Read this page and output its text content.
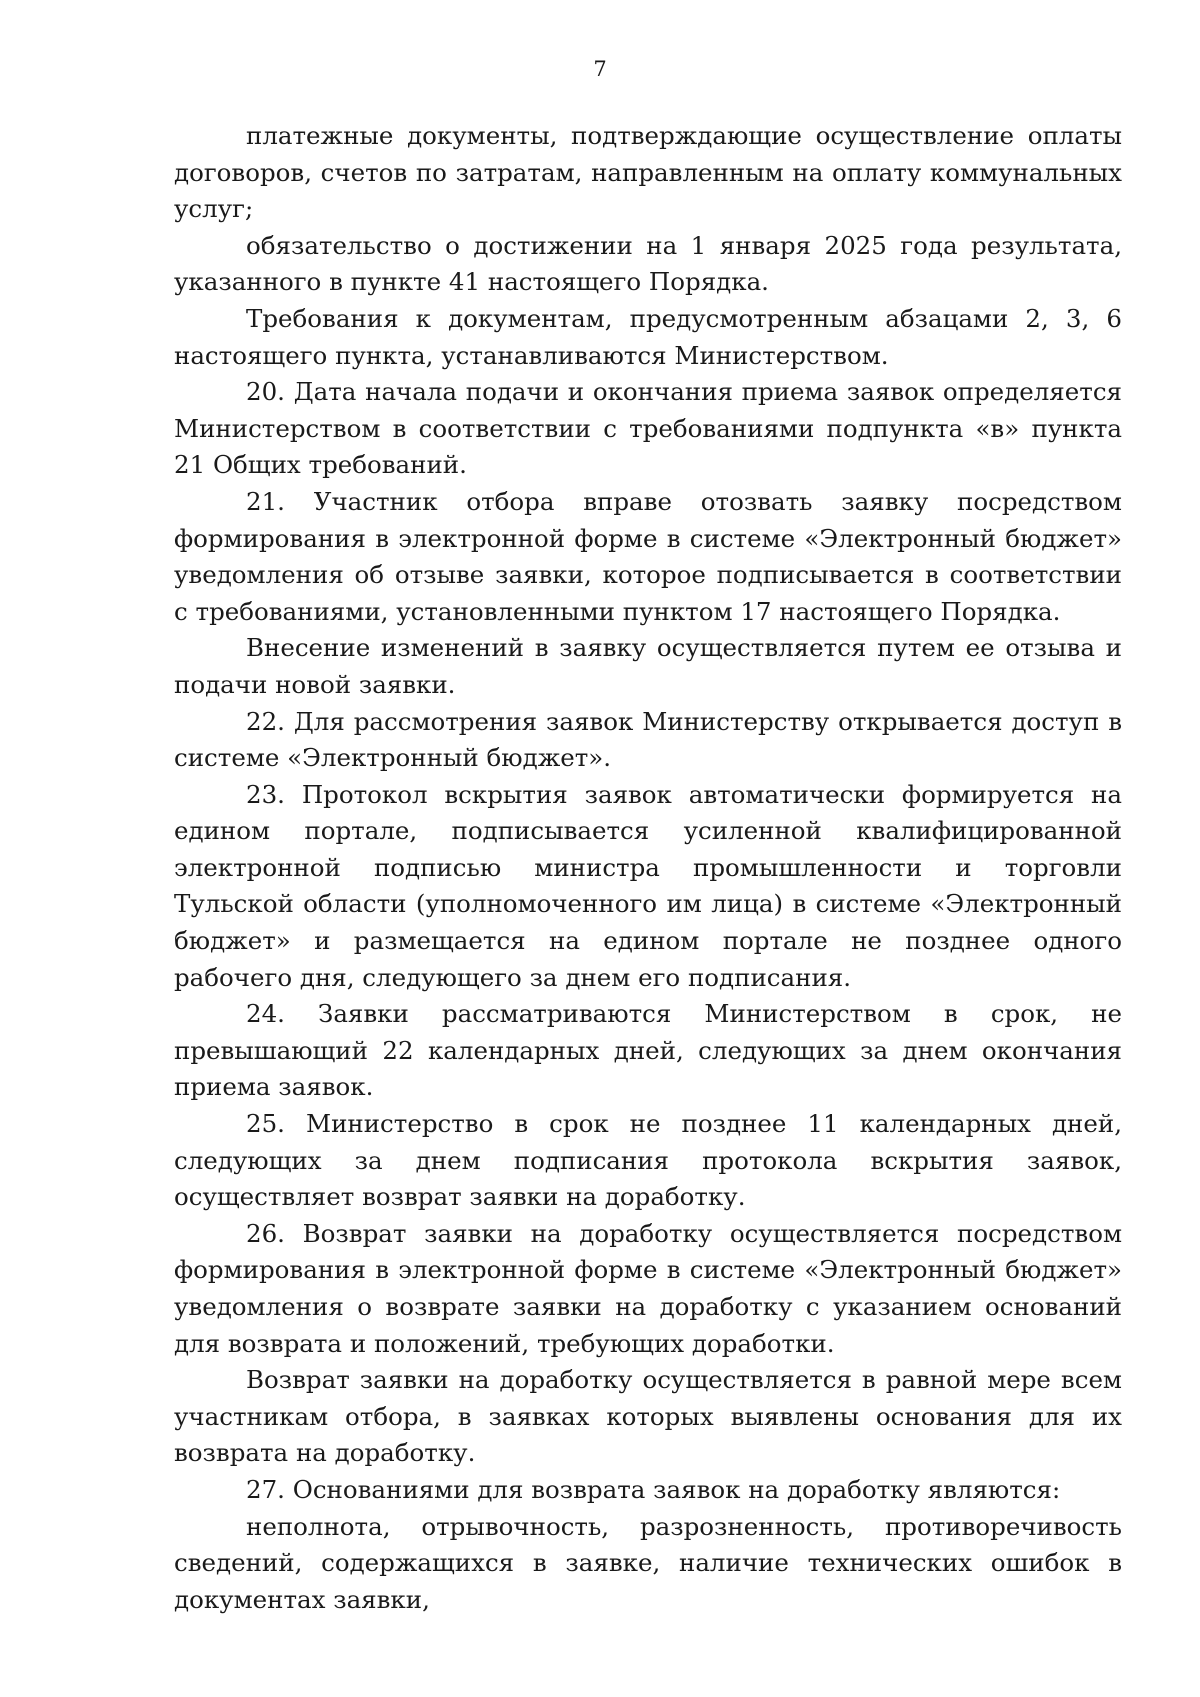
7

платежные документы, подтверждающие осуществление оплаты договоров, счетов по затратам, направленным на оплату коммунальных услуг;

обязательство о достижении на 1 января 2025 года результата, указанного в пункте 41 настоящего Порядка.

Требования к документам, предусмотренным абзацами 2, 3, 6 настоящего пункта, устанавливаются Министерством.

20. Дата начала подачи и окончания приема заявок определяется Министерством в соответствии с требованиями подпункта «в» пункта 21 Общих требований.

21. Участник отбора вправе отозвать заявку посредством формирования в электронной форме в системе «Электронный бюджет» уведомления об отзыве заявки, которое подписывается в соответствии с требованиями, установленными пунктом 17 настоящего Порядка.

Внесение изменений в заявку осуществляется путем ее отзыва и подачи новой заявки.

22. Для рассмотрения заявок Министерству открывается доступ в системе «Электронный бюджет».

23. Протокол вскрытия заявок автоматически формируется на едином портале, подписывается усиленной квалифицированной электронной подписью министра промышленности и торговли Тульской области (уполномоченного им лица) в системе «Электронный бюджет» и размещается на едином портале не позднее одного рабочего дня, следующего за днем его подписания.

24. Заявки рассматриваются Министерством в срок, не превышающий 22 календарных дней, следующих за днем окончания приема заявок.

25. Министерство в срок не позднее 11 календарных дней, следующих за днем подписания протокола вскрытия заявок, осуществляет возврат заявки на доработку.

26. Возврат заявки на доработку осуществляется посредством формирования в электронной форме в системе «Электронный бюджет» уведомления о возврате заявки на доработку с указанием оснований для возврата и положений, требующих доработки.

Возврат заявки на доработку осуществляется в равной мере всем участникам отбора, в заявках которых выявлены основания для их возврата на доработку.

27. Основаниями для возврата заявок на доработку являются:

неполнота, отрывочность, разрозненность, противоречивость сведений, содержащихся в заявке, наличие технических ошибок в документах заявки,
